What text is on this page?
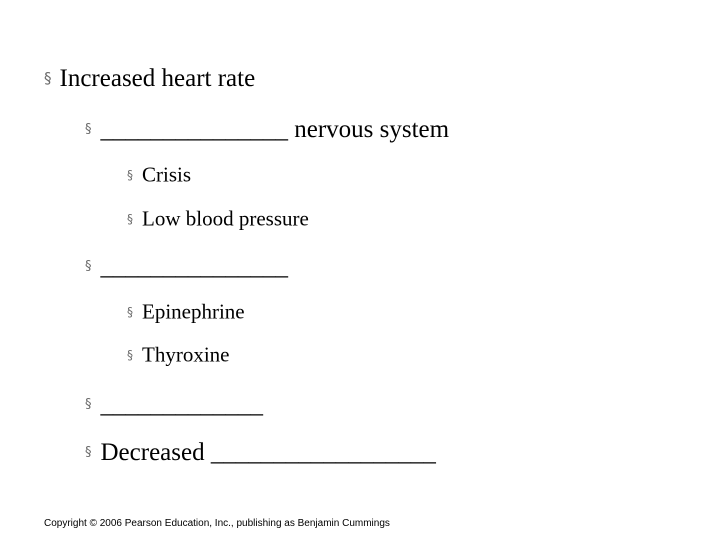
§ Increased heart rate
§ _______________ nervous system
§ Crisis
§ Low blood pressure
§ _______________
§ Epinephrine
§ Thyroxine
§ _____________
§ Decreased __________________
Copyright © 2006 Pearson Education, Inc., publishing as Benjamin Cummings
